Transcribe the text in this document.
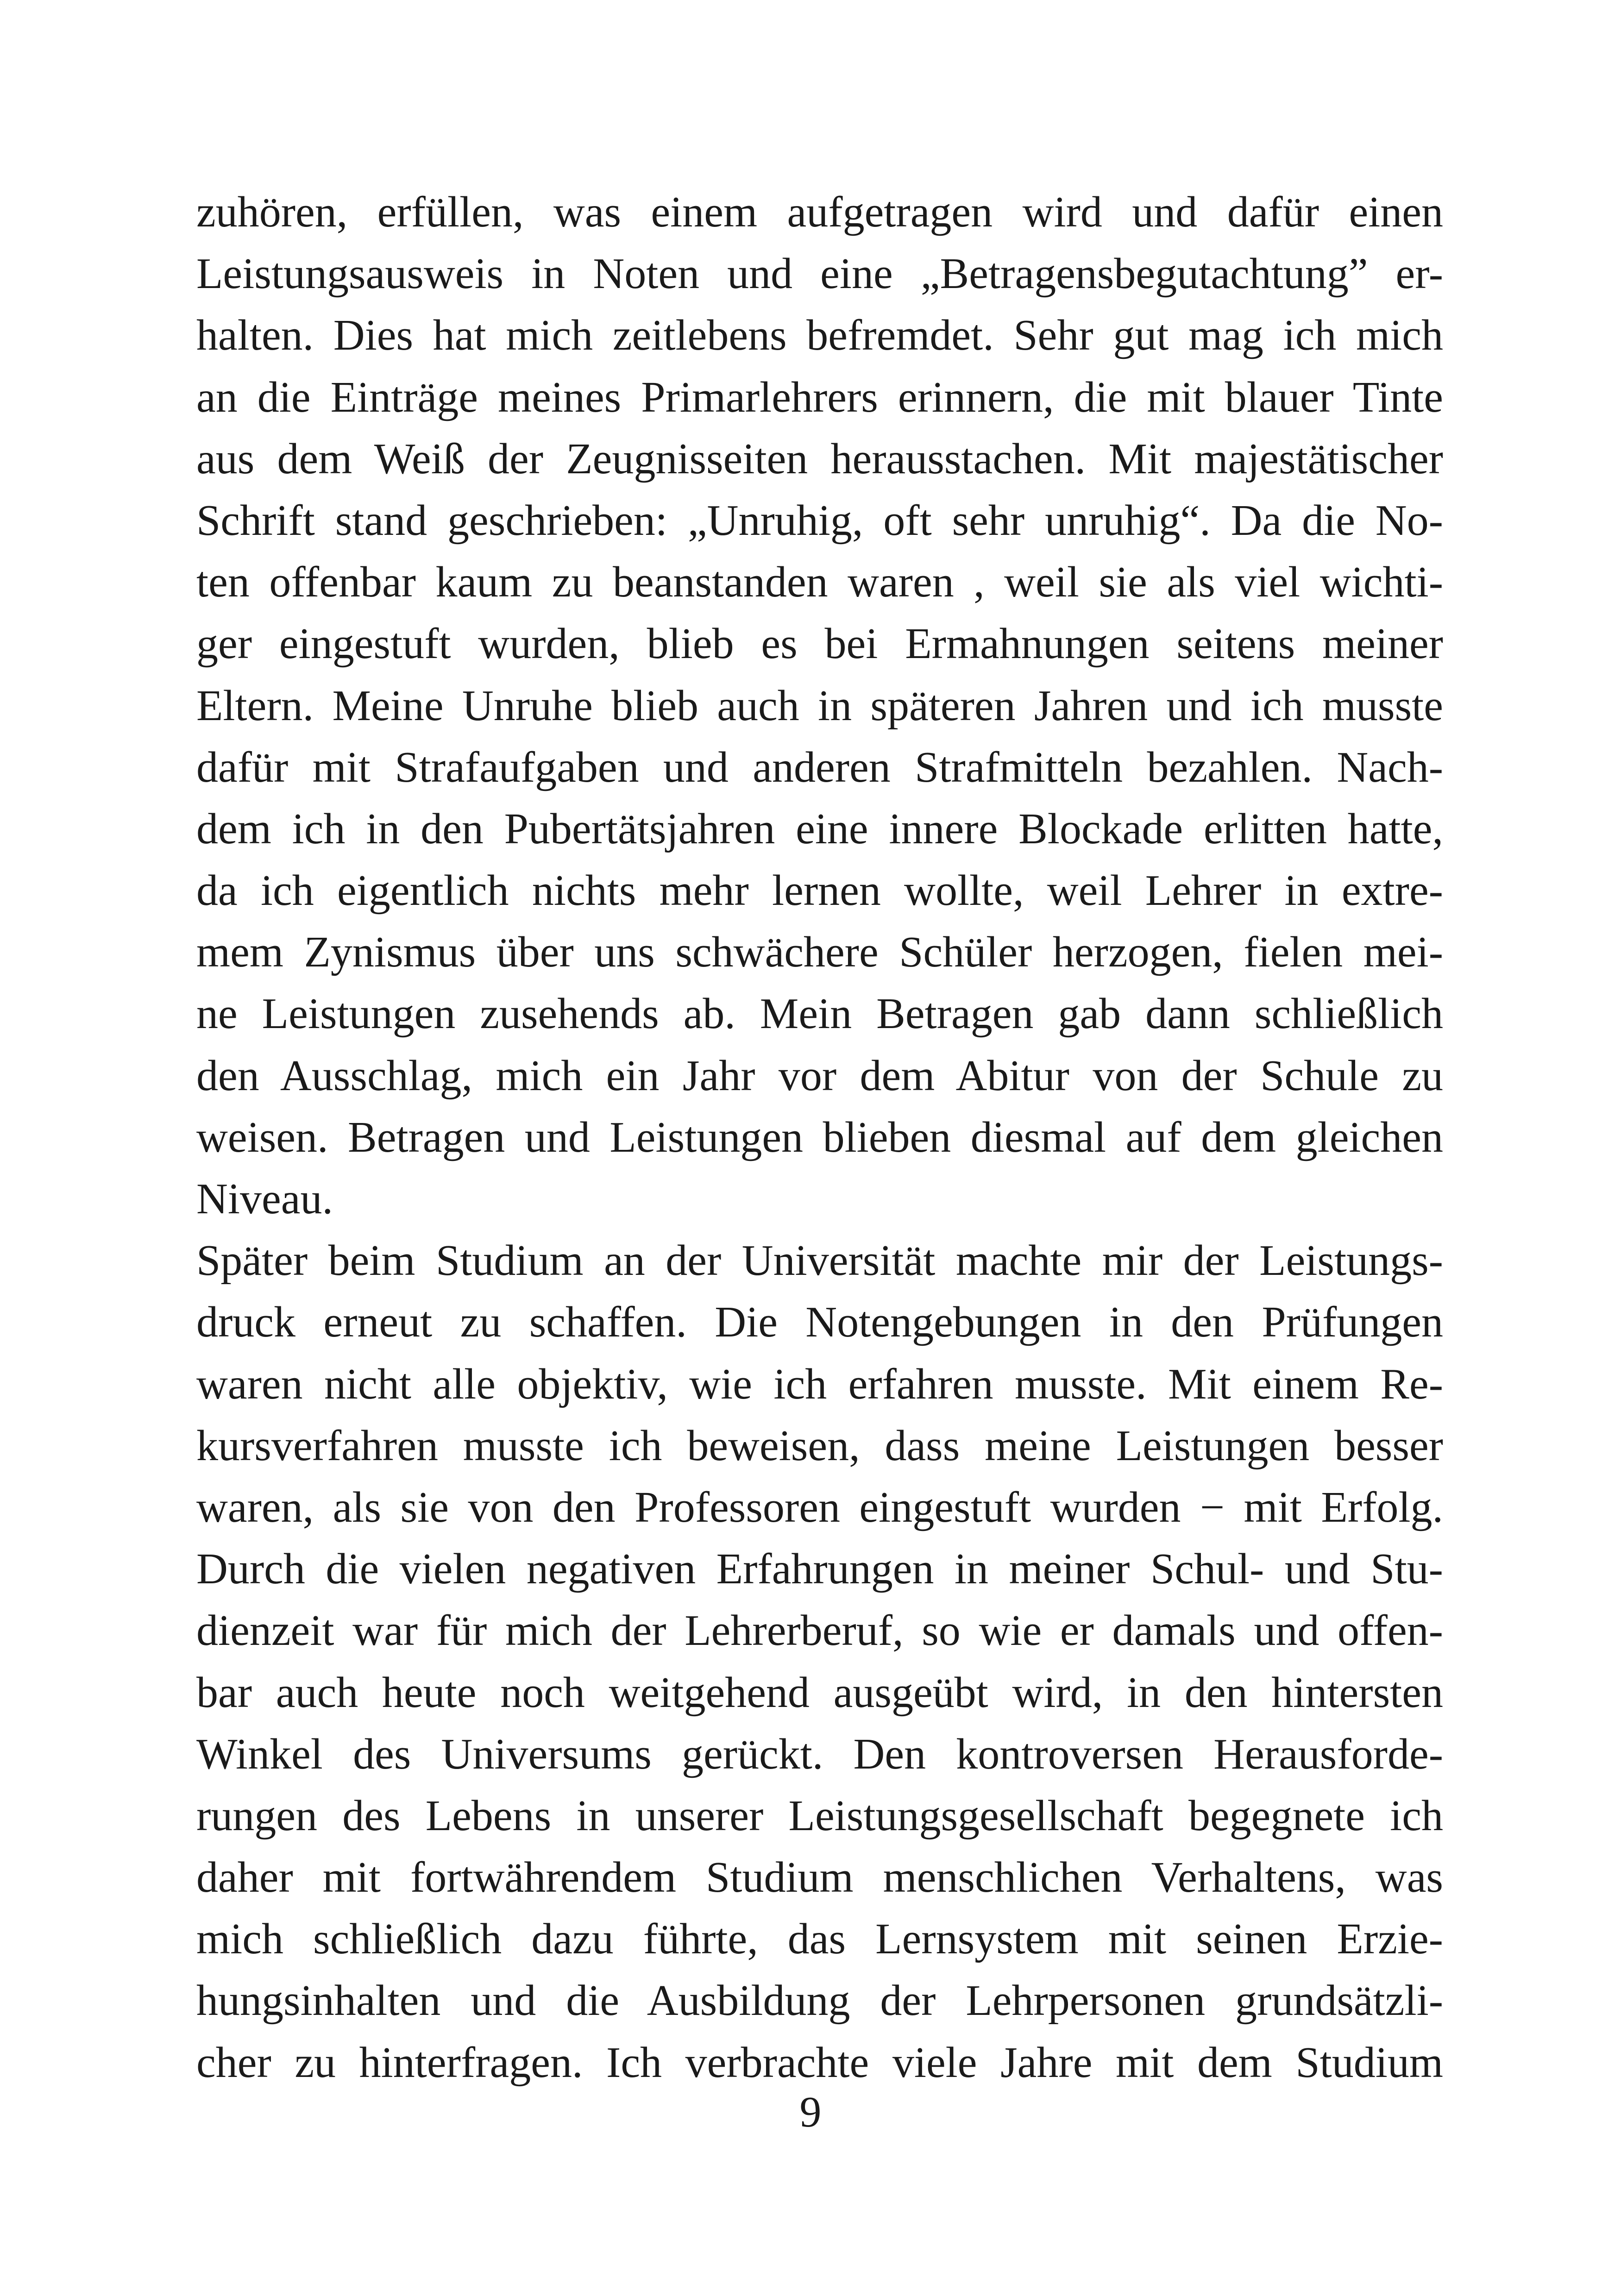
zuhören, erfüllen, was einem aufgetragen wird und dafür einen
Leistungsausweis in Noten und eine „Betragensbegutachtung” er-
halten. Dies hat mich zeitlebens befremdet. Sehr gut mag ich mich
an die Einträge meines Primarlehrers erinnern, die mit blauer Tinte
aus dem Weiß der Zeugnisseiten herausstachen. Mit majestätischer
Schrift stand geschrieben: „Unruhig, oft sehr unruhig“. Da die No-
ten offenbar kaum zu beanstanden waren , weil sie als viel wichti-
ger eingestuft wurden, blieb es bei Ermahnungen seitens meiner
Eltern. Meine Unruhe blieb auch in späteren Jahren und ich musste
dafür mit Strafaufgaben und anderen Strafmitteln bezahlen. Nach-
dem ich in den Pubertätsjahren eine innere Blockade erlitten hatte,
da ich eigentlich nichts mehr lernen wollte, weil Lehrer in extre-
mem Zynismus über uns schwächere Schüler herzogen, fielen mei-
ne Leistungen zusehends ab. Mein Betragen gab dann schließlich
den Ausschlag, mich ein Jahr vor dem Abitur von der Schule zu
weisen. Betragen und Leistungen blieben diesmal auf dem gleichen
Niveau.
Später beim Studium an der Universität machte mir der Leistungs-
druck erneut zu schaffen. Die Notengebungen in den Prüfungen
waren nicht alle objektiv, wie ich erfahren musste. Mit einem Re-
kursverfahren musste ich beweisen, dass meine Leistungen besser
waren, als sie von den Professoren eingestuft wurden − mit Erfolg.
Durch die vielen negativen Erfahrungen in meiner Schul- und Stu-
dienzeit war für mich der Lehrerberuf, so wie er damals und offen-
bar auch heute noch weitgehend ausgeübt wird, in den hintersten
Winkel des Universums gerückt. Den kontroversen Herausforde-
rungen des Lebens in unserer Leistungsgesellschaft begegnete ich
daher mit fortwährendem Studium menschlichen Verhaltens, was
mich schließlich dazu führte, das Lernsystem mit seinen Erzie-
hungsinhalten und die Ausbildung der Lehrpersonen grundsätzli-
cher zu hinterfragen. Ich verbrachte viele Jahre mit dem Studium
9
